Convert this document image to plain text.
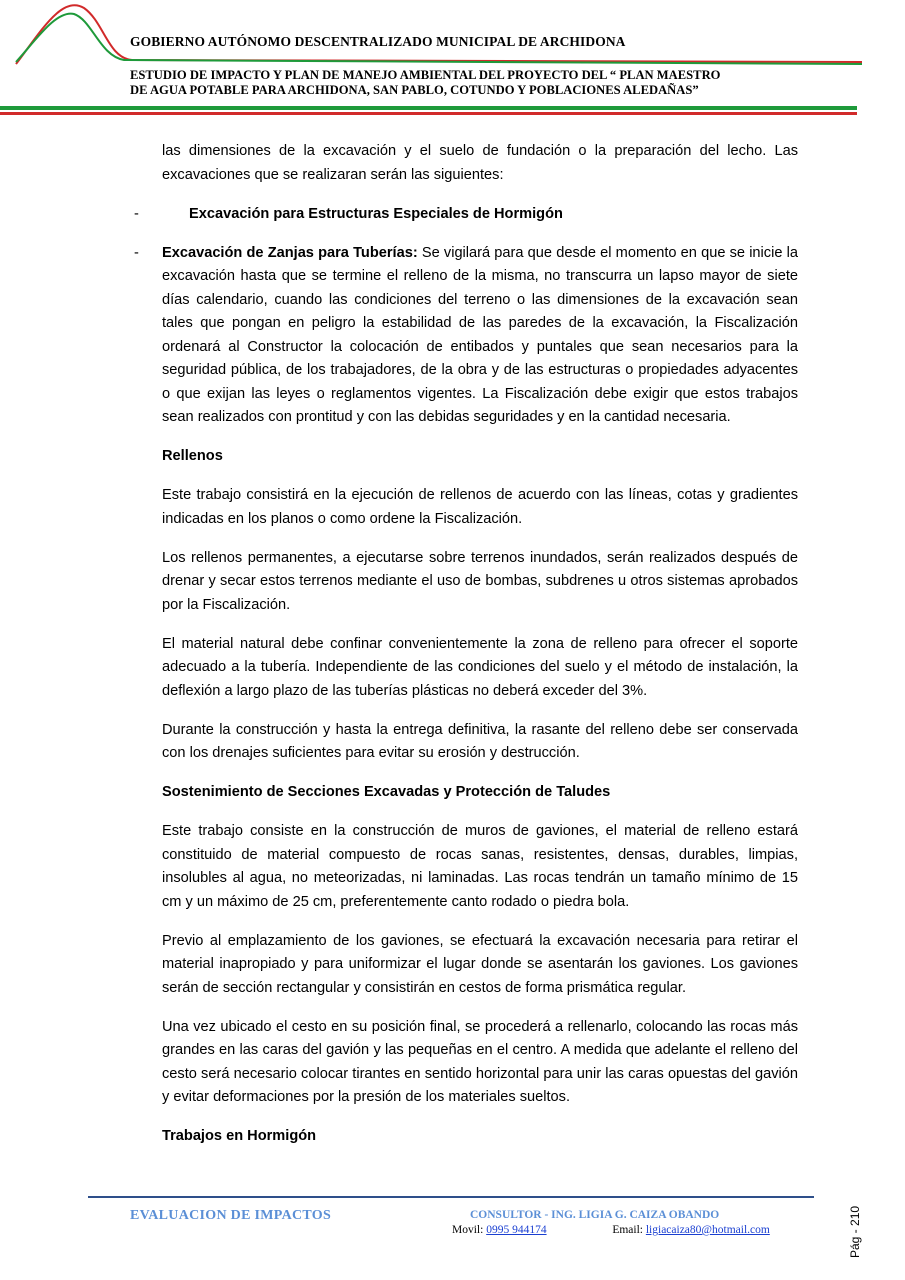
GOBIERNO AUTÓNOMO DESCENTRALIZADO MUNICIPAL DE ARCHIDONA
ESTUDIO DE IMPACTO Y PLAN DE MANEJO AMBIENTAL DEL PROYECTO DEL “ PLAN MAESTRO
DE AGUA POTABLE PARA ARCHIDONA, SAN PABLO, COTUNDO Y POBLACIONES ALEDAÑAS”

las dimensiones de la excavación y el suelo de fundación o la preparación del lecho. Las excavaciones que se realizaran serán las siguientes:

-	Excavación para Estructuras Especiales de Hormigón

- Excavación de Zanjas para Tuberías: Se vigilará para que desde el momento en que se inicie la excavación hasta que se termine el relleno de la misma, no transcurra un lapso mayor de siete días calendario, cuando las condiciones del terreno o las dimensiones de la excavación sean tales que pongan en peligro la estabilidad de las paredes de la excavación, la Fiscalización ordenará al Constructor la colocación de entibados y puntales que sean necesarios para la seguridad pública, de los trabajadores, de la obra y de las estructuras o propiedades adyacentes o que exijan las leyes o reglamentos vigentes. La Fiscalización debe exigir que estos trabajos sean realizados con prontitud y con las debidas seguridades y en la cantidad necesaria.

Rellenos

Este trabajo consistirá en la ejecución de rellenos de acuerdo con las líneas, cotas y gradientes indicadas en los planos o como ordene la Fiscalización.

Los rellenos permanentes, a ejecutarse sobre terrenos inundados, serán realizados después de drenar y secar estos terrenos mediante el uso de bombas, subdrenes u otros sistemas aprobados por la Fiscalización.

El material natural debe confinar convenientemente la zona de relleno para ofrecer el soporte adecuado a la tubería. Independiente de las condiciones del suelo y el método de instalación, la deflexión a largo plazo de las tuberías plásticas no deberá exceder del 3%.

Durante la construcción y hasta la entrega definitiva, la rasante del relleno debe ser conservada con los drenajes suficientes para evitar su erosión y destrucción.

Sostenimiento de Secciones Excavadas y Protección de Taludes

Este trabajo consiste en la construcción de muros de gaviones, el material de relleno estará constituido de material compuesto de rocas sanas, resistentes, densas, durables, limpias, insolubles al agua, no meteorizadas, ni laminadas. Las rocas tendrán un tamaño mínimo de 15 cm y un máximo de 25 cm, preferentemente canto rodado o piedra bola.

Previo al emplazamiento de los gaviones, se efectuará la excavación necesaria para retirar el material inapropiado y para uniformizar el lugar donde se asentarán los gaviones. Los gaviones serán de sección rectangular y consistirán en cestos de forma prismática regular.

Una vez ubicado el cesto en su posición final, se procederá a rellenarlo, colocando las rocas más grandes en las caras del gavión y las pequeñas en el centro. A medida que adelante el relleno del cesto será necesario colocar tirantes en sentido horizontal para unir las caras opuestas del gavión y evitar deformaciones por la presión de los materiales sueltos.

Trabajos en Hormigón

EVALUACION DE IMPACTOS	CONSULTOR - ING. LIGIA G. CAIZA OBANDO
Movil: 0995 944174	Email: ligiacaiza80@hotmail.com	Pág - 210
